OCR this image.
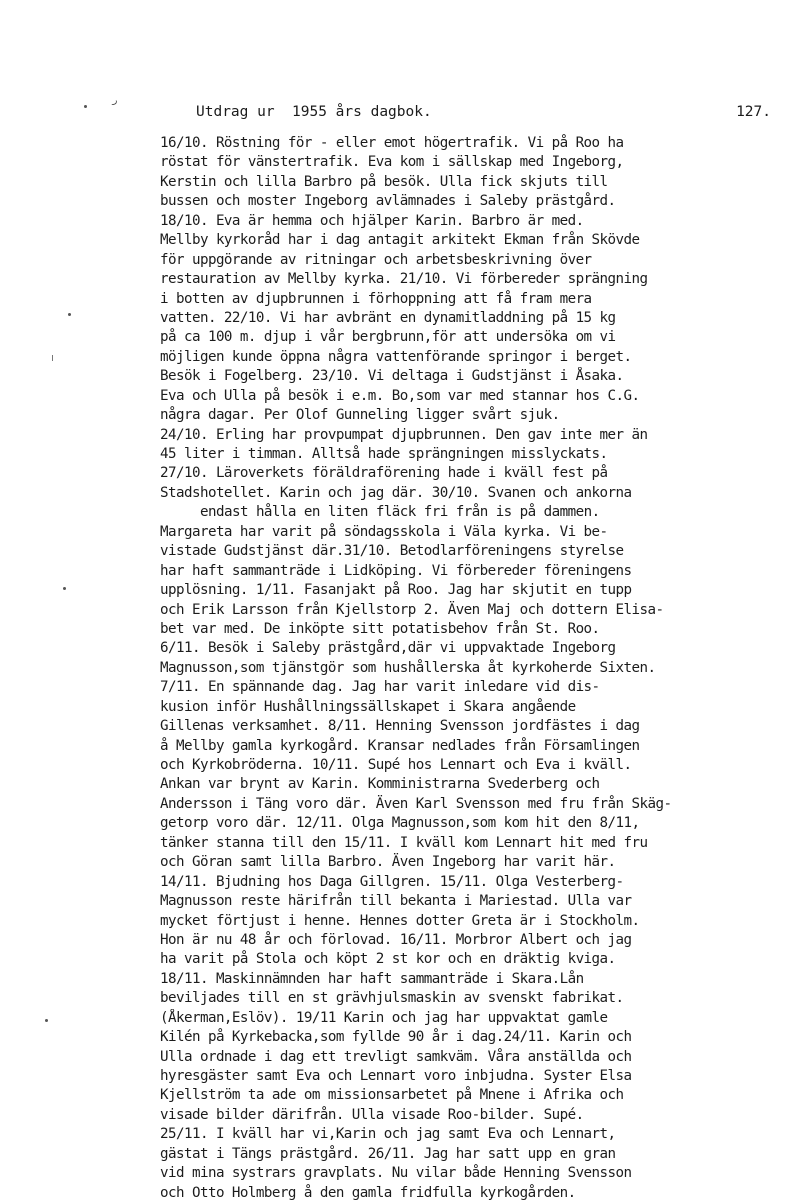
ر
Utdrag ur  1955 års dagbok.	127.
16/10. Röstning för - eller emot högertrafik. Vi på Roo ha
röstat för vänstertrafik. Eva kom i sällskap med Ingeborg,
Kerstin och lilla Barbro på besök. Ulla fick skjuts till
bussen och moster Ingeborg avlämnades i Saleby prästgård.
18/10. Eva är hemma och hjälper Karin. Barbro är med.
Mellby kyrkoråd har i dag antagit arkitekt Ekman från Skövde
för uppgörande av ritningar och arbetsbeskrivning över
restauration av Mellby kyrka. 21/10. Vi förbereder sprängning
i botten av djupbrunnen i förhoppning att få fram mera
vatten. 22/10. Vi har avbränt en dynamitladdning på 15 kg
på ca 100 m. djup i vår bergbrunn,för att undersöka om vi
möjligen kunde öppna några vattenförande springor i berget.
Besök i Fogelberg. 23/10. Vi deltaga i Gudstjänst i Åsaka.
Eva och Ulla på besök i e.m. Bo,som var med stannar hos C.G.
några dagar. Per Olof Gunneling ligger svårt sjuk.
24/10. Erling har provpumpat djupbrunnen. Den gav inte mer än
45 liter i timman. Alltså hade sprängningen misslyckats.
27/10. Läroverkets föräldraförening hade i kväll fest på
Stadshotellet. Karin och jag där. 30/10. Svanen och ankorna
endast hålla en liten fläck fri från is på dammen.
Margareta har varit på söndagsskola i Väla kyrka. Vi be-
vistade Gudstjänst där.31/10. Betodlarföreningens styrelse
har haft sammanträde i Lidköping. Vi förbereder föreningens
upplösning. 1/11. Fasanjakt på Roo. Jag har skjutit en tupp
och Erik Larsson från Kjellstorp 2. Även Maj och dottern Elisa-
bet var med. De inköpte sitt potatisbehov från St. Roo.
6/11. Besök i Saleby prästgård,där vi uppvaktade Ingeborg
Magnusson,som tjänstgör som hushållerska åt kyrkoherde Sixten.
7/11. En spännande dag. Jag har varit inledare vid dis-
kusion inför Hushållningssällskapet i Skara angående
Gillenas verksamhet. 8/11. Henning Svensson jordfästes i dag
å Mellby gamla kyrkogård. Kransar nedlades från Församlingen
och Kyrkobröderna. 10/11. Supé hos Lennart och Eva i kväll.
Ankan var brynt av Karin. Komministrarna Svederberg och
Andersson i Täng voro där. Även Karl Svensson med fru från Skäg-
getorp voro där. 12/11. Olga Magnusson,som kom hit den 8/11,
tänker stanna till den 15/11. I kväll kom Lennart hit med fru
och Göran samt lilla Barbro. Även Ingeborg har varit här.
14/11. Bjudning hos Daga Gillgren. 15/11. Olga Vesterberg-
Magnusson reste härifrån till bekanta i Mariestad. Ulla var
mycket förtjust i henne. Hennes dotter Greta är i Stockholm.
Hon är nu 48 år och förlovad. 16/11. Morbror Albert och jag
ha varit på Stola och köpt 2 st kor och en dräktig kviga.
18/11. Maskinnämnden har haft sammanträde i Skara.Lån
beviljades till en st grävhjulsmaskin av svenskt fabrikat.
(Åkerman,Eslöv). 19/11 Karin och jag har uppvaktat gamle
Kilén på Kyrkebacka,som fyllde 90 år i dag.24/11. Karin och
Ulla ordnade i dag ett trevligt samkväm. Våra anställda och
hyresgäster samt Eva och Lennart voro inbjudna. Syster Elsa
Kjellström ta ade om missionsarbetet på Mnene i Afrika och
visade bilder därifrån. Ulla visade Roo-bilder. Supé.
25/11. I kväll har vi,Karin och jag samt Eva och Lennart,
gästat i Tängs prästgård. 26/11. Jag har satt upp en gran
vid mina systrars gravplats. Nu vilar både Henning Svensson
och Otto Holmberg å den gamla fridfulla kyrkogården.
